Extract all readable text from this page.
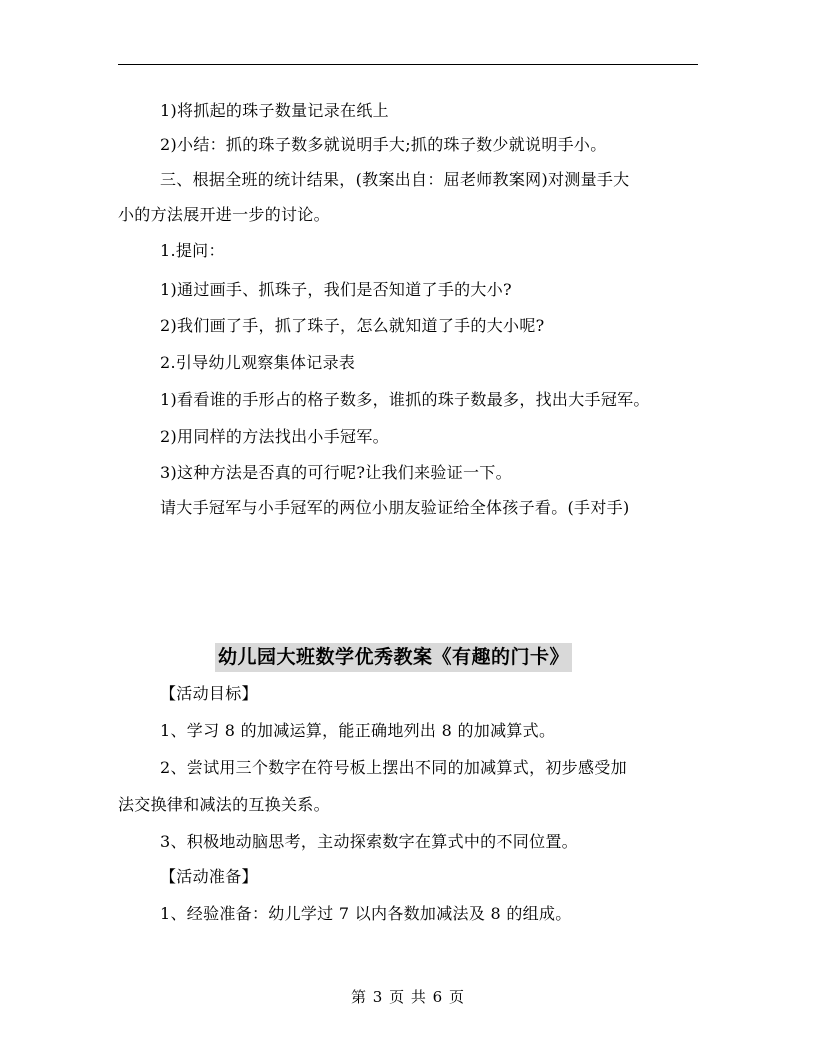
1)将抓起的珠子数量记录在纸上
2)小结：抓的珠子数多就说明手大;抓的珠子数少就说明手小。
三、根据全班的统计结果，(教案出自：屈老师教案网)对测量手大
小的方法展开进一步的讨论。
1.提问：
1)通过画手、抓珠子，我们是否知道了手的大小?
2)我们画了手，抓了珠子，怎么就知道了手的大小呢?
2.引导幼儿观察集体记录表
1)看看谁的手形占的格子数多，谁抓的珠子数最多，找出大手冠军。
2)用同样的方法找出小手冠军。
3)这种方法是否真的可行呢?让我们来验证一下。
请大手冠军与小手冠军的两位小朋友验证给全体孩子看。(手对手)
幼儿园大班数学优秀教案《有趣的门卡》
【活动目标】
1、学习 8 的加减运算，能正确地列出 8 的加减算式。
2、尝试用三个数字在符号板上摆出不同的加减算式，初步感受加
法交换律和减法的互换关系。
3、积极地动脑思考，主动探索数字在算式中的不同位置。
【活动准备】
1、经验准备：幼儿学过 7 以内各数加减法及 8 的组成。
第 3 页 共 6 页
